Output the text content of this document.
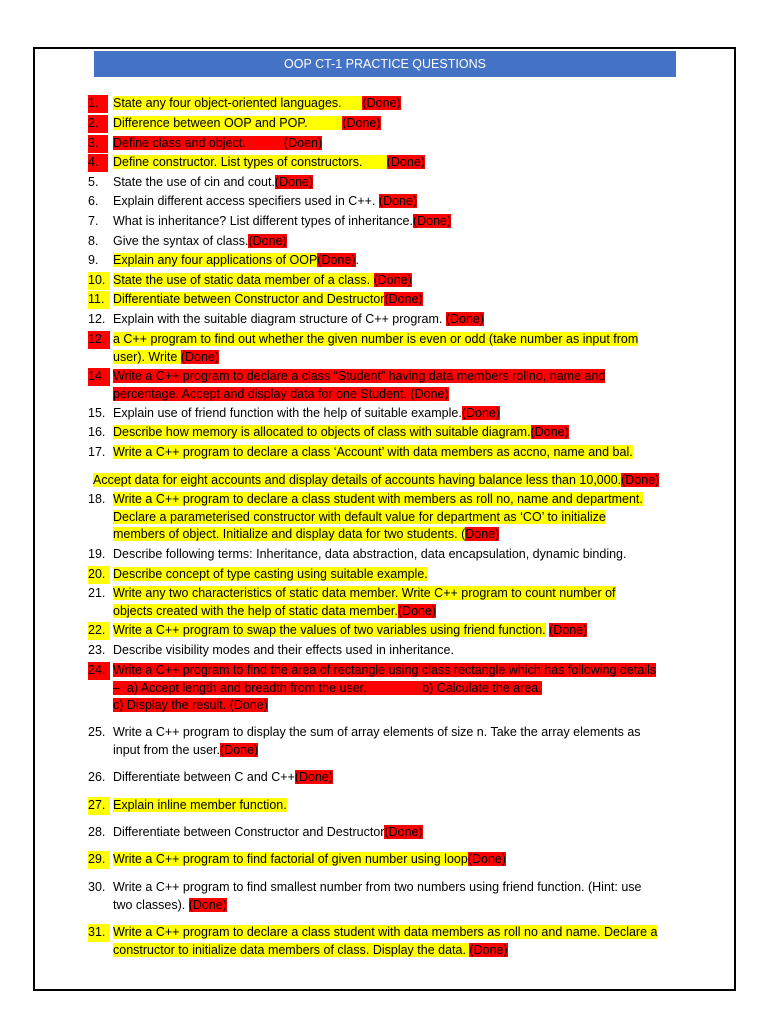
OOP CT-1 PRACTICE QUESTIONS
1.	State any four object-oriented languages. (Done)
2.	Difference between OOP and POP.	(Done)
3.	Define class and object.	(Doen)
4.	Define constructor. List types of constructors. (Done)
5.	State the use of cin and cout.(Done)
6.	Explain different access specifiers used in C++. (Done)
7.	What is inheritance? List different types of inheritance.(Done)
8.	Give the syntax of class.(Done)
9.	Explain any four applications of OOP(Done).
10. State the use of static data member of a class. (Done)
11. Differentiate between Constructor and Destructor(Done)
12. Explain with the suitable diagram structure of C++ program. (Done)
12. a C++ program to find out whether the given number is even or odd (take number as input from
user). Write (Done)
14. Write a C++ program to declare a class “Student” having data members rollno, name and
percentage. Accept and display data for one Student. (Done)
15. Explain use of friend function with the help of suitable example.(Done)
16. Describe how memory is allocated to objects of class with suitable diagram.(Done)
17. Write a C++ program to declare a class ‘Account’ with data members as accno, name and bal.
Accept data for eight accounts and display details of accounts having balance less than 10,000.(Done)
18. Write a C++ program to declare a class student with members as roll no, name and department.
Declare a parameterised constructor with default value for department as ‘CO’ to initialize
members of object. Initialize and display data for two students. (Done)
19. Describe following terms: Inheritance, data abstraction, data encapsulation, dynamic binding.
20. Describe concept of type casting using suitable example.
21. Write any two characteristics of static data member. Write C++ program to count number of
objects created with the help of static data member.(Done)
22. Write a C++ program to swap the values of two variables using friend function. (Done)
23. Describe visibility modes and their effects used in inheritance.
24. Write a C++ program to find the area of rectangle using class rectangle which has following details
–  a) Accept length and breadth from the user.                b) Calculate the area.
c) Display the result. (Done)
25. Write a C++ program to display the sum of array elements of size n. Take the array elements as
input from the user.(Done)
26. Differentiate between C and C++(Done)
27. Explain inline member function.
28. Differentiate between Constructor and Destructor(Done)
29. Write a C++ program to find factorial of given number using loop(Done)
30. Write a C++ program to find smallest number from two numbers using friend function. (Hint: use
two classes). (Done)
31. Write a C++ program to declare a class student with data members as roll no and name. Declare a
constructor to initialize data members of class. Display the data. (Done)
